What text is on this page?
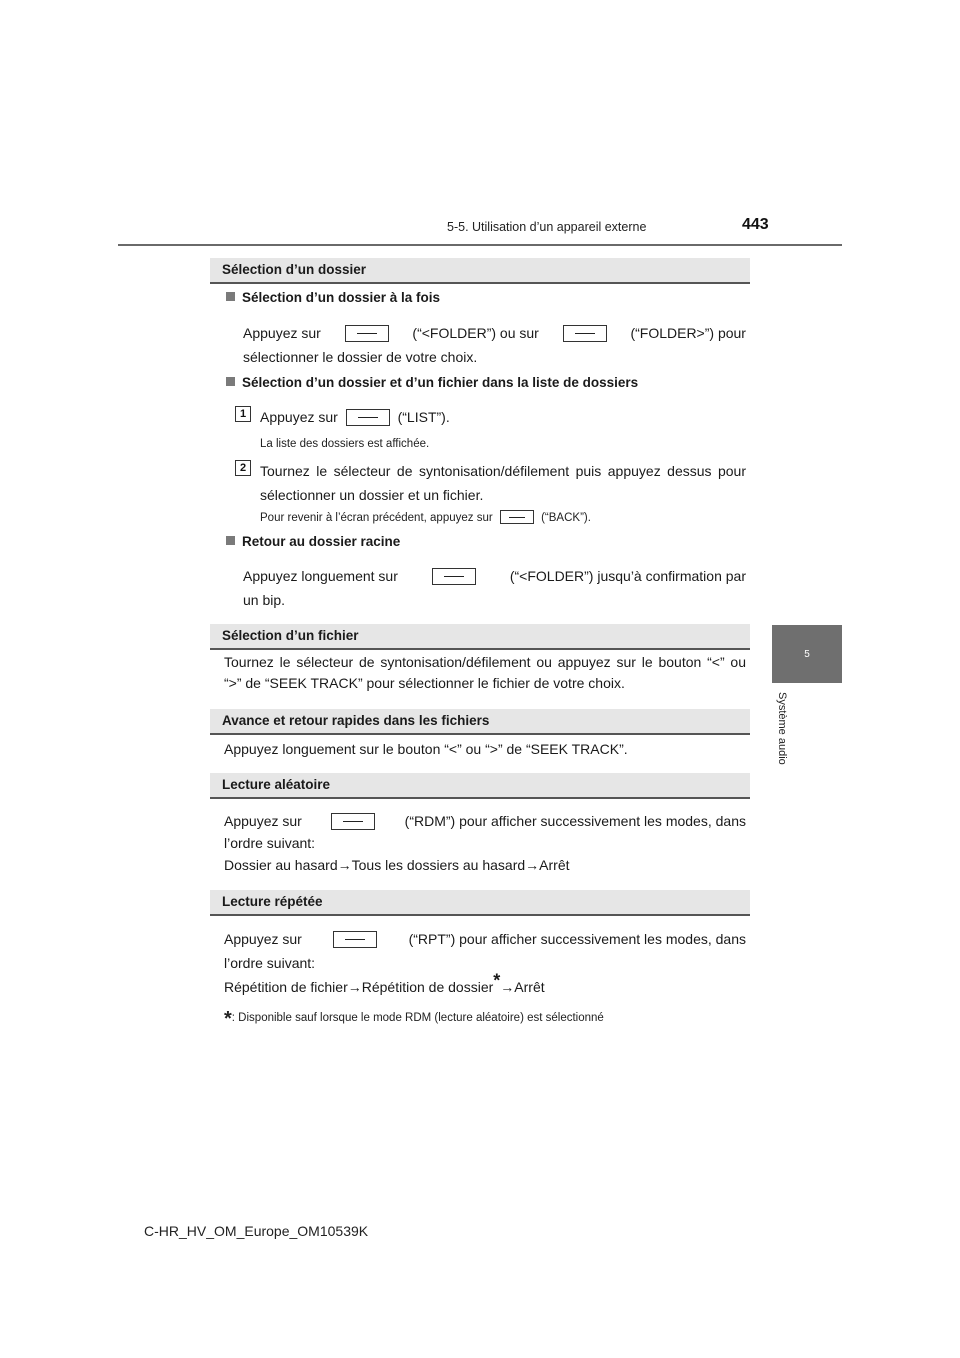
5-5. Utilisation d’un appareil externe	443
5
Système audio
Sélection d’un dossier
Sélection d’un dossier à la fois
Appuyez sur	(“<FOLDER”) ou sur	(“FOLDER>”) pour
sélectionner le dossier de votre choix.
Sélection d’un dossier et d’un fichier dans la liste de dossiers
1 Appuyez sur	(“LIST”).
La liste des dossiers est affichée.
2 Tournez le sélecteur de syntonisation/défilement puis appuyez dessus pour sélectionner un dossier et un fichier.
Pour revenir à l’écran précédent, appuyez sur	(“BACK”).
Retour au dossier racine
Appuyez longuement sur	(“<FOLDER”) jusqu’à confirmation par
un bip.
Sélection d’un fichier
Tournez le sélecteur de syntonisation/défilement ou appuyez sur le bouton “<” ou “>” de “SEEK TRACK” pour sélectionner le fichier de votre choix.
Avance et retour rapides dans les fichiers
Appuyez longuement sur le bouton “<” ou “>” de “SEEK TRACK”.
Lecture aléatoire
Appuyez sur	(“RDM”) pour afficher successivement les modes, dans
l’ordre suivant:
Dossier au hasard→Tous les dossiers au hasard→Arrêt
Lecture répétée
Appuyez sur	(“RPT”) pour afficher successivement les modes, dans
l’ordre suivant:
Répétition de fichier→Répétition de dossier*→Arrêt
*: Disponible sauf lorsque le mode RDM (lecture aléatoire) est sélectionné
C-HR_HV_OM_Europe_OM10539K
